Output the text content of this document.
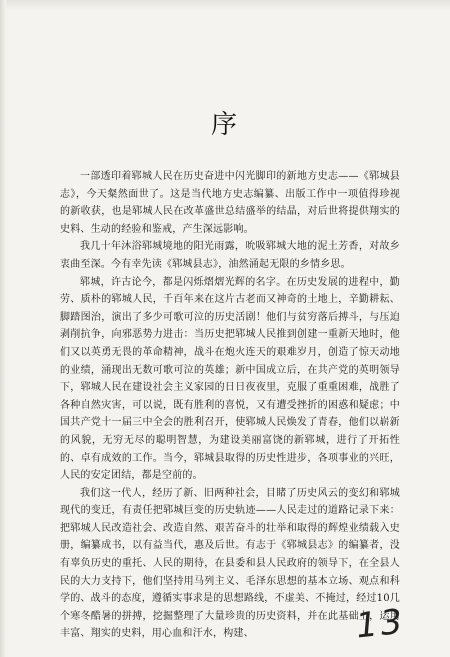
序

一部透印着郓城人民在历史奋进中闪光脚印的新地方史志——《郓城县志》，今天粲然面世了。这是当代地方史志编纂、出版工作中一项值得珍视的新收获，也是郓城人民在改革盛世总结盛举的结晶，对后世将提供翔实的史料、生动的经验和鉴戒，产生深远影响。

我几十年沐浴郓城境地的阳光雨露，吮吸郓城大地的泥土芳香，对故乡衷曲至深。今有幸先读《郓城县志》，油然涌起无限的乡情乡思。

郓城，许古论今，都是闪烁熠熠光辉的名字。在历史发展的进程中，勤劳、质朴的郓城人民，千百年来在这片古老而又神奇的土地上，辛勤耕耘、脚踏图治，演出了多少可歌可泣的历史活剧！他们与贫穷落后搏斗，与压迫剥削抗争，向邪恶势力进击：当历史把郓城人民推到创建一重新天地时，他们又以英勇无畏的革命精神，战斗在炮火连天的艰难岁月，创造了惊天动地的业绩，涌现出无数可歌可泣的英雄；新中国成立后，在共产党的英明领导下，郓城人民在建设社会主义家园的日日夜夜里，克服了重重困难，战胜了各种自然灾害，可以说，既有胜利的喜悦，又有遭受挫折的困惑和疑虑；中国共产党十一届三中全会的胜利召开，使郓城人民焕发了青春，他们以崭新的风貌，无穷无尽的聪明智慧，为建设美丽富饶的新郓城，进行了开拓性的、卓有成效的工作。当今，郓城县取得的历史性进步，各项事业的兴旺，人民的安定团结，都是空前的。

我们这一代人，经历了新、旧两种社会，目睹了历史风云的变幻和郓城现代的变迁，有责任把郓城巨变的历史轨迹——人民走过的道路记录下来：把郓城人民改造社会、改造自然、艰苦奋斗的壮举和取得的辉煌业绩载入史册，编纂成书，以有益当代，惠及后世。有志于《郓城县志》的编纂者，没有辜负历史的重托、人民的期待，在县委和县人民政府的领导下，在全县人民的大力支持下，他们坚持用马列主义、毛泽东思想的基本立场、观点和科学的、战斗的态度，遵循实事求是的思想路线，不虚美、不掩过，经过10几个寒冬酷暑的拼搏，挖掘整理了大量珍贵的历史资料，并在此基础上，运用丰富、翔实的史料，用心血和汗水，构建、	13
